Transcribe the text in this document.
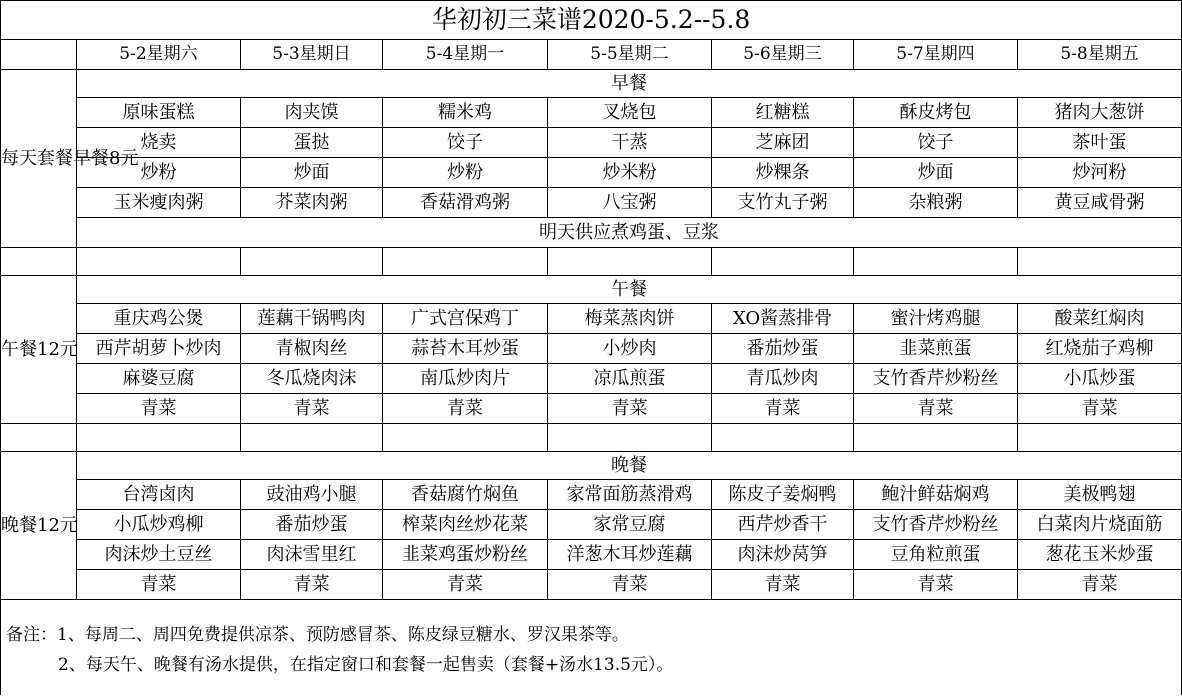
华初初三菜谱2020-5.2--5.8							
	5-2星期六	5-3星期日	5-4星期一	5-5星期二	5-6星期三	5-7星期四	5-8星期五
每天套餐早餐8元	早餐						
	原味蛋糕	肉夹馍	糯米鸡	叉烧包	红糖糕	酥皮烤包	猪肉大葱饼
	烧卖	蛋挞	饺子	干蒸	芝麻团	饺子	茶叶蛋
	炒粉	炒面	炒粉	炒米粉	炒粿条	炒面	炒河粉
	玉米瘦肉粥	芥菜肉粥	香菇滑鸡粥	八宝粥	支竹丸子粥	杂粮粥	黄豆咸骨粥
	明天供应煮鸡蛋、豆浆						

午餐12元	午餐						
	重庆鸡公煲	莲藕干锅鸭肉	广式宫保鸡丁	梅菜蒸肉饼	XO酱蒸排骨	蜜汁烤鸡腿	酸菜红焖肉
	西芹胡萝卜炒肉	青椒肉丝	蒜苔木耳炒蛋	小炒肉	番茄炒蛋	韭菜煎蛋	红烧茄子鸡柳
	麻婆豆腐	冬瓜烧肉沫	南瓜炒肉片	凉瓜煎蛋	青瓜炒肉	支竹香芹炒粉丝	小瓜炒蛋
	青菜	青菜	青菜	青菜	青菜	青菜	青菜

晚餐12元	晚餐						
	台湾卤肉	豉油鸡小腿	香菇腐竹焖鱼	家常面筋蒸滑鸡	陈皮子姜焖鸭	鲍汁鲜菇焖鸡	美极鸭翅
	小瓜炒鸡柳	番茄炒蛋	榨菜肉丝炒花菜	家常豆腐	西芹炒香干	支竹香芹炒粉丝	白菜肉片烧面筋
	肉沫炒土豆丝	肉沫雪里红	韭菜鸡蛋炒粉丝	洋葱木耳炒莲藕	肉沫炒莴笋	豆角粒煎蛋	葱花玉米炒蛋
	青菜	青菜	青菜	青菜	青菜	青菜	青菜

备注：1、每周二、周四免费提供凉茶、预防感冒茶、陈皮绿豆糖水、罗汉果茶等。
2、每天午、晚餐有汤水提供，在指定窗口和套餐一起售卖（套餐+汤水13.5元）。
